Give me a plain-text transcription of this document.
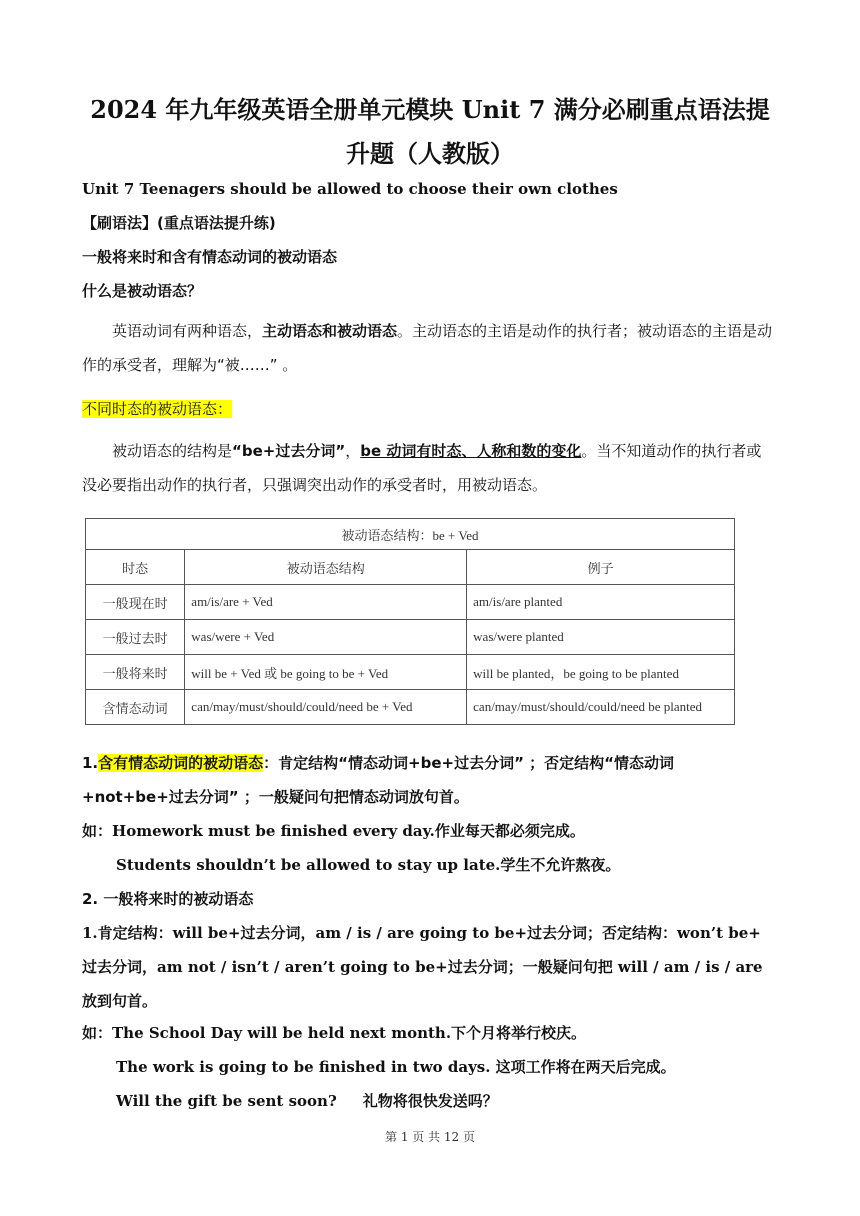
2024 年九年级英语全册单元模块 Unit 7 满分必刷重点语法提升题（人教版）
Unit 7 Teenagers should be allowed to choose their own clothes
【刷语法】(重点语法提升练)
一般将来时和含有情态动词的被动语态
什么是被动语态？
英语动词有两种语态，主动语态和被动语态。主动语态的主语是动作的执行者；被动语态的主语是动作的承受者，理解为“被……” 。
不同时态的被动语态：
被动语态的结构是“be+过去分词”，be 动词有时态、人称和数的变化。当不知道动作的执行者或没必要指出动作的执行者，只强调突出动作的承受者时，用被动语态。
被动语态结构：be + Ved		
时态	被动语态结构	例子
一般现在时	am/is/are + Ved	am/is/are planted
一般过去时	was/were + Ved	was/were planted
一般将来时	will be + Ved 或 be going to be + Ved	will be planted，be going to be planted
含情态动词	can/may/must/should/could/need be + Ved	can/may/must/should/could/need be planted
1.含有情态动词的被动语态：肯定结构“情态动词+be+过去分词” ；否定结构“情态动词
+not+be+过去分词” ；一般疑问句把情态动词放句首。
如：Homework must be finished every day.作业每天都必须完成。
Students shouldn’t be allowed to stay up late.学生不允许熬夜。
2. 一般将来时的被动语态
1.肯定结构：will be+过去分词，am / is / are going to be+过去分词；否定结构：won’t be+
过去分词，am not / isn’t / aren’t going to be+过去分词；一般疑问句把 will / am / is / are
放到句首。
如：The School Day will be held next month.下个月将举行校庆。
The work is going to be finished in two days. 这项工作将在两天后完成。
Will the gift be sent soon? 礼物将很快发送吗？
第 1 页 共 12 页
